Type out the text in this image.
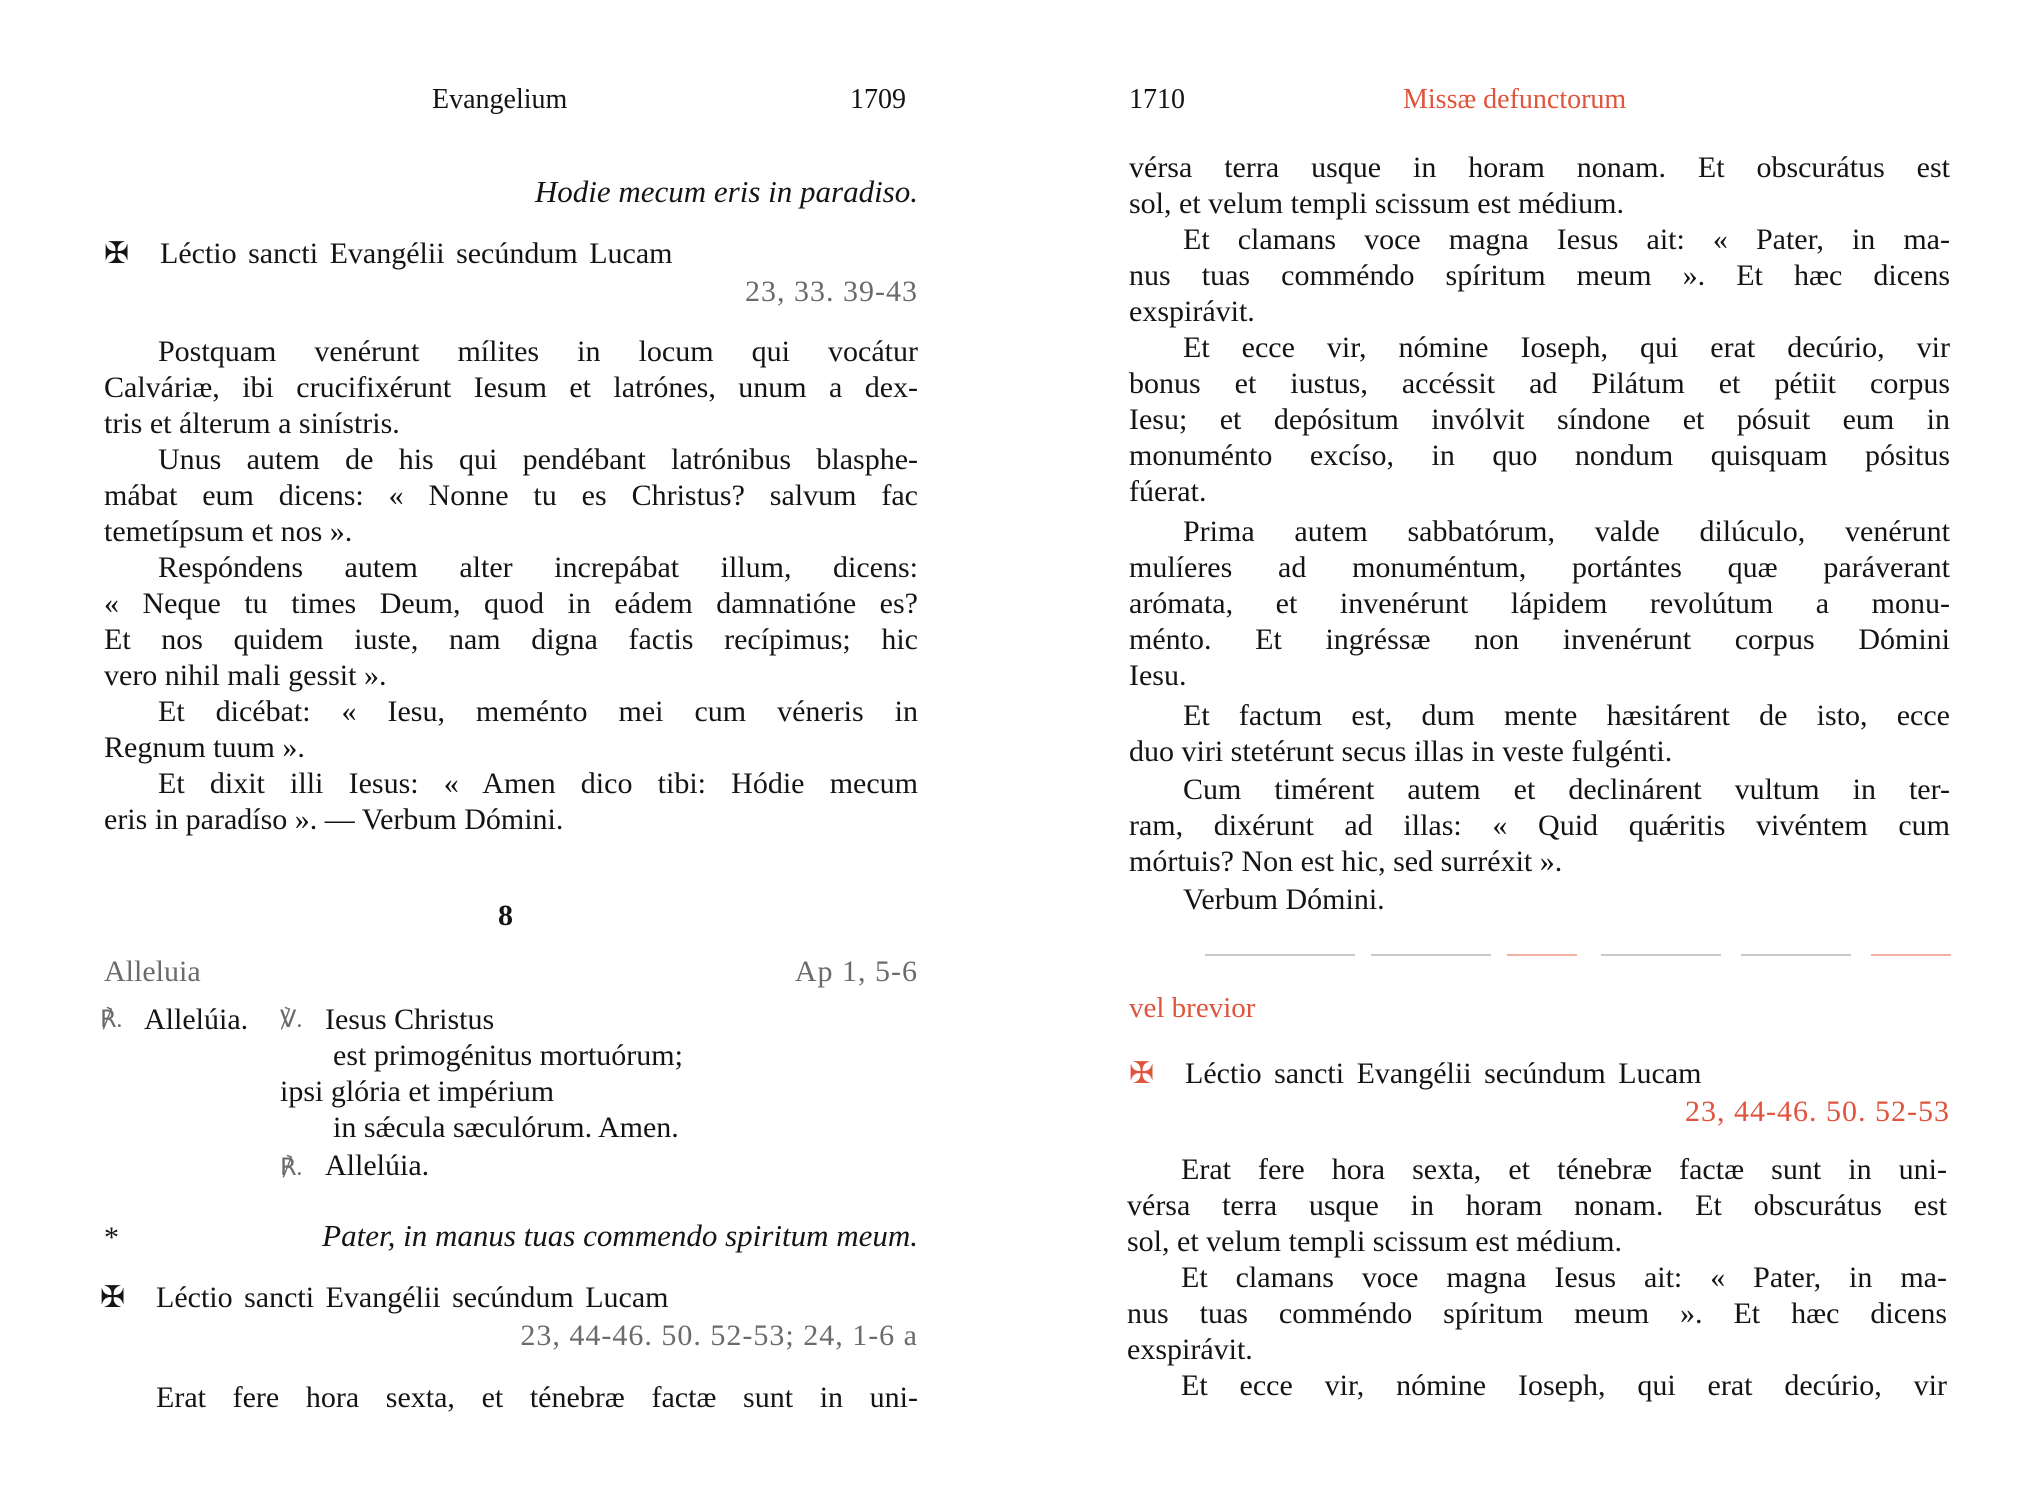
Evangelium	1709
Hodie mecum eris in paradiso.
✠ Léctio sancti Evangélii secúndum Lucam
23, 33. 39-43
Postquam venérunt mílites in locum qui vocátur
Calváriæ, ibi crucifixérunt Iesum et latrónes, unum a dex-
tris et álterum a sinístris.
Unus autem de his qui pendébant latrónibus blasphe-
mábat eum dicens: « Nonne tu es Christus? salvum fac
temetípsum et nos ».
Respóndens autem alter increpábat illum, dicens:
« Neque tu times Deum, quod in eádem damnatióne es?
Et nos quidem iuste, nam digna factis recípimus; hic
vero nihil mali gessit ».
Et dicébat: « Iesu, meménto mei cum véneris in
Regnum tuum ».
Et dixit illi Iesus: « Amen dico tibi: Hódie mecum
eris in paradíso ». — Verbum Dómini.
8
Alleluia	Ap 1, 5-6
℟. Allelúia. ℣. Iesus Christus
est primogénitus mortuórum;
ipsi glória et impérium
in sǽcula sæculórum. Amen.
℟. Allelúia.
*	Pater, in manus tuas commendo spiritum meum.
✠ Léctio sancti Evangélii secúndum Lucam
23, 44-46. 50. 52-53; 24, 1-6 a
Erat fere hora sexta, et ténebræ factæ sunt in uni-
1710	Missæ defunctorum
vérsa terra usque in horam nonam. Et obscurátus est
sol, et velum templi scissum est médium.
Et clamans voce magna Iesus ait: « Pater, in ma-
nus tuas comméndo spíritum meum ». Et hæc dicens
exspirávit.
Et ecce vir, nómine Ioseph, qui erat decúrio, vir
bonus et iustus, accéssit ad Pilátum et pétiit corpus
Iesu; et depósitum invólvit síndone et pósuit eum in
monuménto excíso, in quo nondum quisquam pósitus
fúerat.
Prima autem sabbatórum, valde dilúculo, venérunt
mulíeres ad monuméntum, portántes quæ paráverant
arómata, et invenérunt lápidem revolútum a monu-
ménto. Et ingréssæ non invenérunt corpus Dómini
Iesu.
Et factum est, dum mente hæsitárent de isto, ecce
duo viri stetérunt secus illas in veste fulgénti.
Cum timérent autem et declinárent vultum in ter-
ram, dixérunt ad illas: « Quid quǽritis vivéntem cum
mórtuis? Non est hic, sed surréxit ».
Verbum Dómini.
vel brevior
✠ Léctio sancti Evangélii secúndum Lucam
23, 44-46. 50. 52-53
Erat fere hora sexta, et ténebræ factæ sunt in uni-
vérsa terra usque in horam nonam. Et obscurátus est
sol, et velum templi scissum est médium.
Et clamans voce magna Iesus ait: « Pater, in ma-
nus tuas comméndo spíritum meum ». Et hæc dicens
exspirávit.
Et ecce vir, nómine Ioseph, qui erat decúrio, vir
